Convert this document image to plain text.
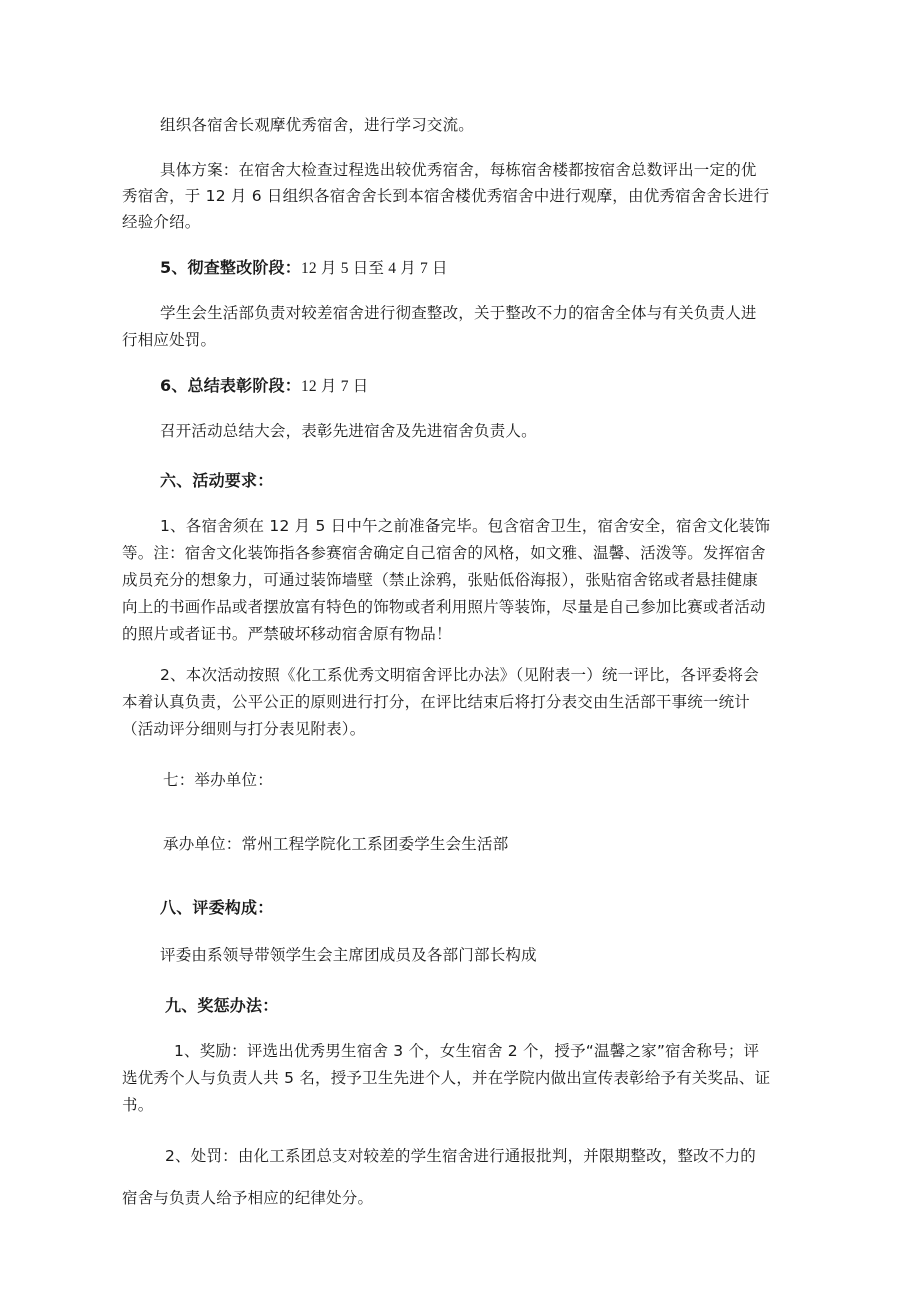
组织各宿舍长观摩优秀宿舍，进行学习交流。
具体方案：在宿舍大检查过程选出较优秀宿舍，每栋宿舍楼都按宿舍总数评出一定的优
秀宿舍，于 12 月 6 日组织各宿舍舍长到本宿舍楼优秀宿舍中进行观摩，由优秀宿舍舍长进行
经验介绍。
5、彻查整改阶段：12 月 5 日至 4 月 7 日
学生会生活部负责对较差宿舍进行彻查整改，关于整改不力的宿舍全体与有关负责人进
行相应处罚。
6、总结表彰阶段：12 月 7 日
召开活动总结大会，表彰先进宿舍及先进宿舍负责人。
六、活动要求：
1、各宿舍须在 12 月 5 日中午之前准备完毕。包含宿舍卫生，宿舍安全，宿舍文化装饰
等。注：宿舍文化装饰指各参赛宿舍确定自己宿舍的风格，如文雅、温馨、活泼等。发挥宿舍
成员充分的想象力，可通过装饰墙壁（禁止涂鸦，张贴低俗海报），张贴宿舍铭或者悬挂健康
向上的书画作品或者摆放富有特色的饰物或者利用照片等装饰，尽量是自己参加比赛或者活动
的照片或者证书。严禁破坏移动宿舍原有物品！
2、本次活动按照《化工系优秀文明宿舍评比办法》（见附表一）统一评比，各评委将会
本着认真负责，公平公正的原则进行打分，在评比结束后将打分表交由生活部干事统一统计
（活动评分细则与打分表见附表）。
七：举办单位：
承办单位：常州工程学院化工系团委学生会生活部
八、评委构成：
评委由系领导带领学生会主席团成员及各部门部长构成
九、奖惩办法：
1、奖励：评选出优秀男生宿舍 3 个，女生宿舍 2 个，授予“温馨之家”宿舍称号；评
选优秀个人与负责人共 5 名，授予卫生先进个人，并在学院内做出宣传表彰给予有关奖品、证
书。
2、处罚：由化工系团总支对较差的学生宿舍进行通报批判，并限期整改，整改不力的
宿舍与负责人给予相应的纪律处分。
